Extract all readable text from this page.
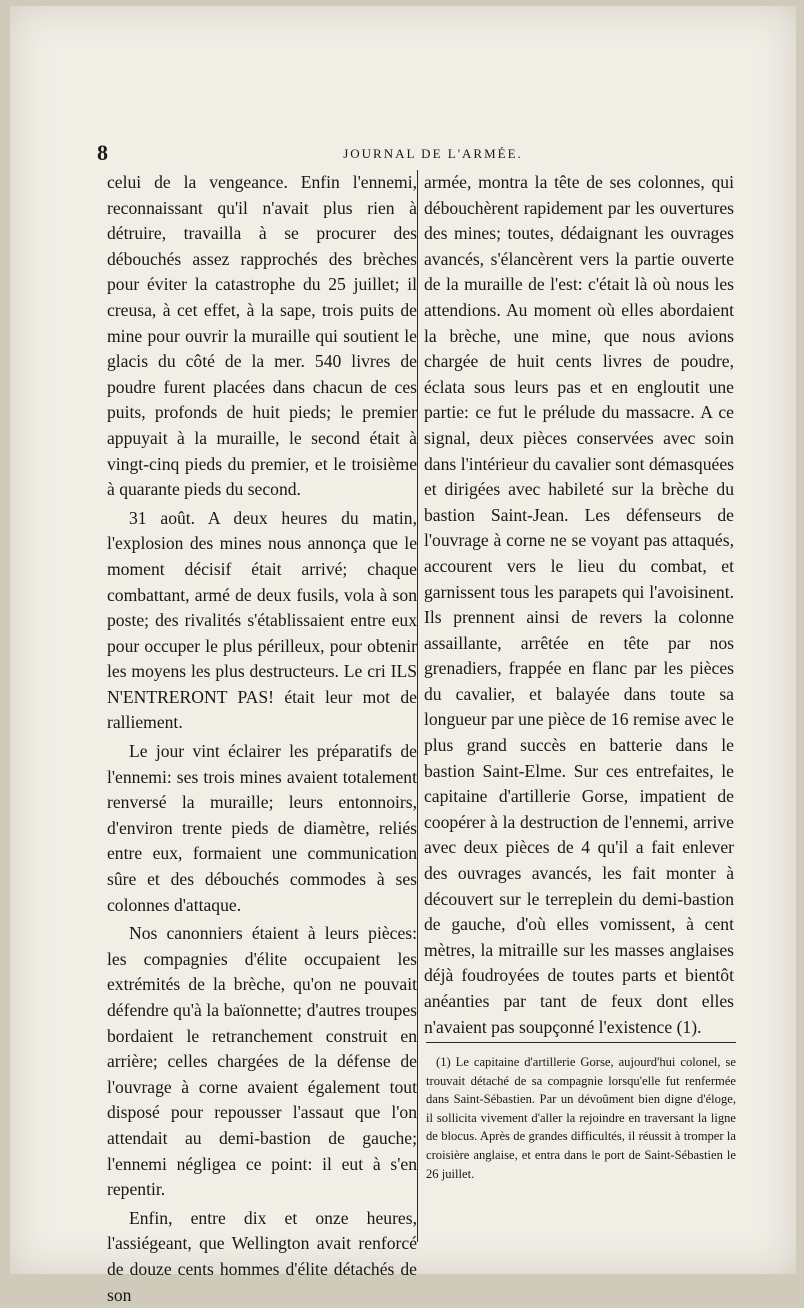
8	JOURNAL DE L'ARMÉE.

celui de la vengeance. Enfin l'ennemi, reconnaissant qu'il n'avait plus rien à détruire, travailla à se procurer des débouchés assez rapprochés des brèches pour éviter la catastrophe du 25 juillet; il creusa, à cet effet, à la sape, trois puits de mine pour ouvrir la muraille qui soutient le glacis du côté de la mer. 540 livres de poudre furent placées dans chacun de ces puits, profonds de huit pieds; le premier appuyait à la muraille, le second était à vingt-cinq pieds du premier, et le troisième à quarante pieds du second.

31 août. A deux heures du matin, l'explosion des mines nous annonça que le moment décisif était arrivé; chaque combattant, armé de deux fusils, vola à son poste; des rivalités s'établissaient entre eux pour occuper le plus périlleux, pour obtenir les moyens les plus destructeurs. Le cri ILS N'ENTRERONT PAS! était leur mot de ralliement.

Le jour vint éclairer les préparatifs de l'ennemi: ses trois mines avaient totalement renversé la muraille; leurs entonnoirs, d'environ trente pieds de diamètre, reliés entre eux, formaient une communication sûre et des débouchés commodes à ses colonnes d'attaque.

Nos canonniers étaient à leurs pièces: les compagnies d'élite occupaient les extrémités de la brèche, qu'on ne pouvait défendre qu'à la baïonnette; d'autres troupes bordaient le retranchement construit en arrière; celles chargées de la défense de l'ouvrage à corne avaient également tout disposé pour repousser l'assaut que l'on attendait au demi-bastion de gauche; l'ennemi négligea ce point: il eut à s'en repentir.

Enfin, entre dix et onze heures, l'assiégeant, que Wellington avait renforcé de douze cents hommes d'élite détachés de son

armée, montra la tête de ses colonnes, qui débouchèrent rapidement par les ouvertures des mines; toutes, dédaignant les ouvrages avancés, s'élancèrent vers la partie ouverte de la muraille de l'est: c'était là où nous les attendions. Au moment où elles abordaient la brèche, une mine, que nous avions chargée de huit cents livres de poudre, éclata sous leurs pas et en engloutit une partie: ce fut le prélude du massacre. A ce signal, deux pièces conservées avec soin dans l'intérieur du cavalier sont démasquées et dirigées avec habileté sur la brèche du bastion Saint-Jean. Les défenseurs de l'ouvrage à corne ne se voyant pas attaqués, accourent vers le lieu du combat, et garnissent tous les parapets qui l'avoisinent. Ils prennent ainsi de revers la colonne assaillante, arrêtée en tête par nos grenadiers, frappée en flanc par les pièces du cavalier, et balayée dans toute sa longueur par une pièce de 16 remise avec le plus grand succès en batterie dans le bastion Saint-Elme. Sur ces entrefaites, le capitaine d'artillerie Gorse, impatient de coopérer à la destruction de l'ennemi, arrive avec deux pièces de 4 qu'il a fait enlever des ouvrages avancés, les fait monter à découvert sur le terreplein du demi-bastion de gauche, d'où elles vomissent, à cent mètres, la mitraille sur les masses anglaises déjà foudroyées de toutes parts et bientôt anéanties par tant de feux dont elles n'avaient pas soupçonné l'existence (1).

(1) Le capitaine d'artillerie Gorse, aujourd'hui colonel, se trouvait détaché de sa compagnie lorsqu'elle fut renfermée dans Saint-Sébastien. Par un dévoûment bien digne d'éloge, il sollicita vivement d'aller la rejoindre en traversant la ligne de blocus. Après de grandes difficultés, il réussit à tromper la croisière anglaise, et entra dans le port de Saint-Sébastien le 26 juillet.
